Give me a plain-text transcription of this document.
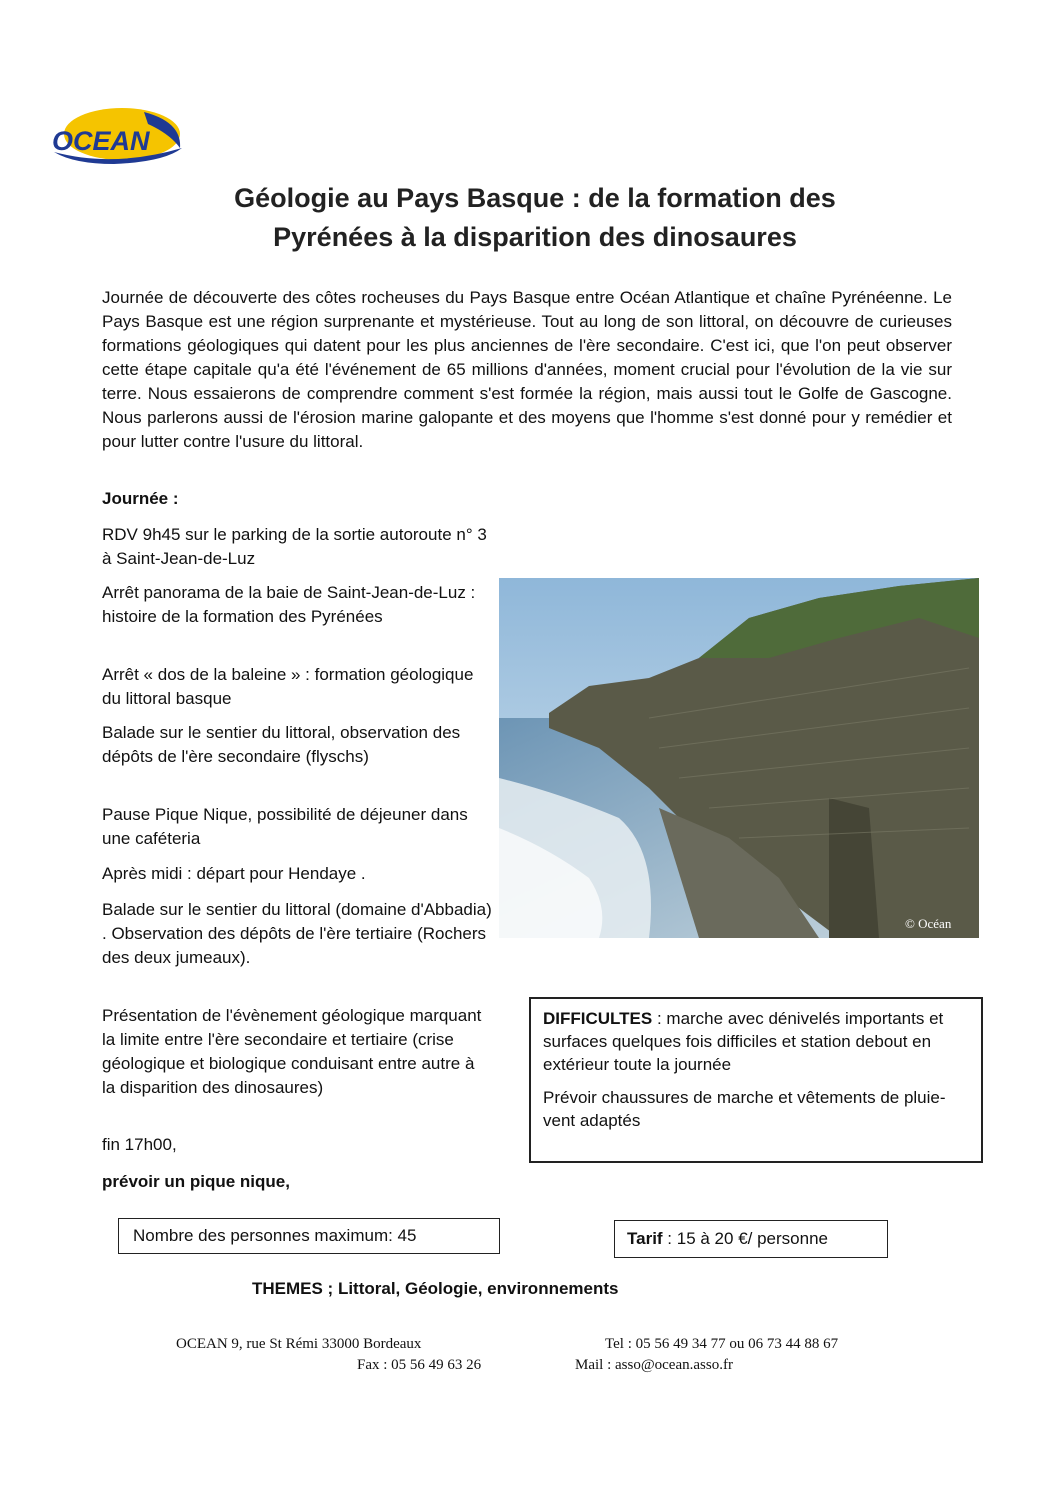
OCEAN
Géologie au Pays Basque : de la formation des
Pyrénées à la disparition des dinosaures

Journée de découverte des côtes rocheuses du Pays Basque entre Océan Atlantique et chaîne Pyrénéenne. Le Pays Basque est une région surprenante et mystérieuse. Tout au long de son littoral, on découvre de curieuses formations géologiques qui datent pour les plus anciennes de l'ère secondaire. C'est ici, que l'on peut observer cette étape capitale qu'a été l'événement de 65 millions d'années, moment crucial pour l'évolution de la vie sur terre. Nous essaierons de comprendre comment s'est formée la région, mais aussi tout le Golfe de Gascogne. Nous parlerons aussi de l'érosion marine galopante et des moyens que l'homme s'est donné pour y remédier et pour lutter contre l'usure du littoral.

Journée :

RDV 9h45 sur le parking de la sortie autoroute n° 3 à Saint-Jean-de-Luz

Arrêt panorama de la baie de Saint-Jean-de-Luz : histoire de la formation des Pyrénées

Arrêt « dos de la baleine » : formation géologique du littoral basque

Balade sur le sentier du littoral, observation des dépôts de l'ère secondaire (flyschs)

Pause Pique Nique, possibilité de déjeuner dans une caféteria

Après midi : départ pour Hendaye .

Balade sur le sentier du littoral (domaine d'Abbadia) . Observation des dépôts de l'ère tertiaire (Rochers des deux jumeaux).

Présentation de l'évènement géologique marquant la limite entre l'ère secondaire et tertiaire (crise géologique et biologique conduisant entre autre à la disparition des dinosaures)

fin 17h00,

prévoir un pique nique,

© Océan

DIFFICULTES : marche avec dénivelés importants et surfaces quelques fois difficiles et station debout en extérieur toute la journée

Prévoir chaussures de marche et vêtements de pluie-vent adaptés

Nombre des personnes maximum: 45	Tarif : 15 à 20 €/ personne
THEMES ; Littoral, Géologie, environnements
OCEAN 9, rue St Rémi 33000 Bordeaux	Tel : 05 56 49 34 77 ou 06 73 44 88 67
Fax : 05 56 49 63 26	Mail : asso@ocean.asso.fr
